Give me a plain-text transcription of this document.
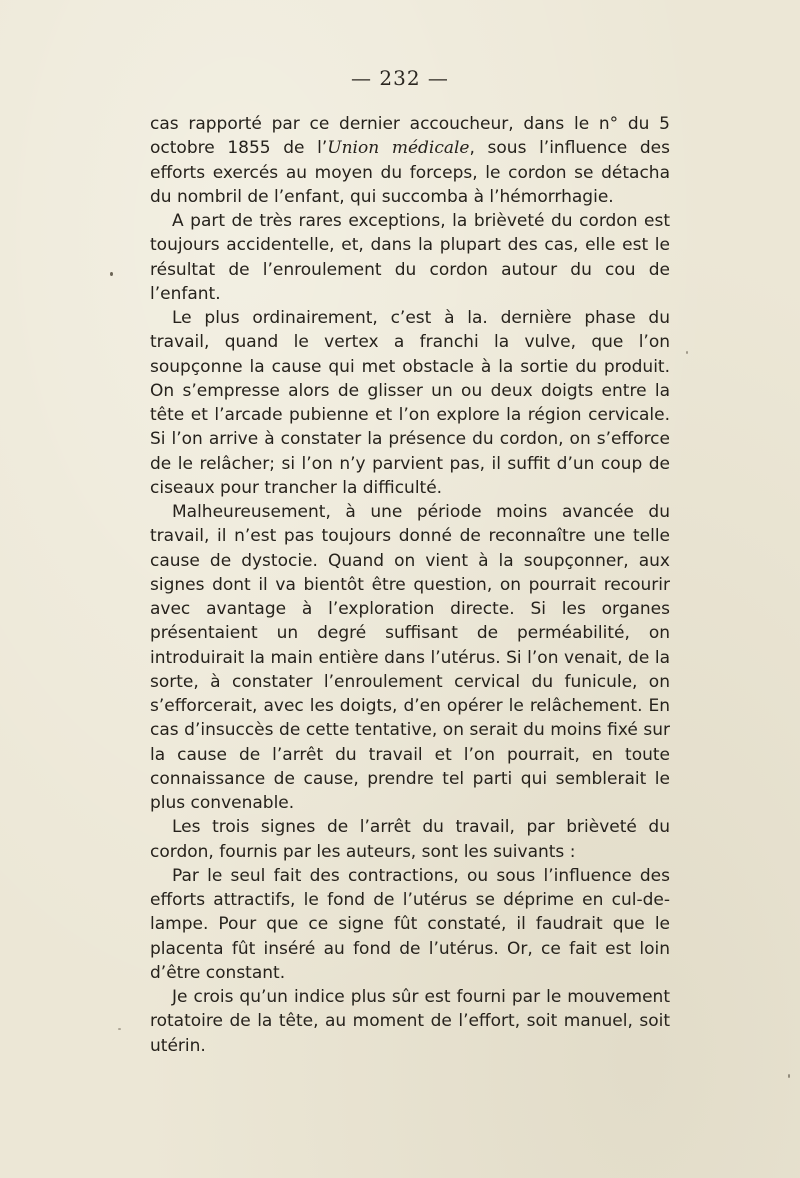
— 232 —

cas rapporté par ce dernier accoucheur, dans le n° du 5 octobre 1855 de l’Union médicale, sous l’influence des efforts exercés au moyen du forceps, le cordon se détacha du nombril de l’enfant, qui succomba à l’hémorrhagie.

A part de très rares exceptions, la brièveté du cordon est toujours accidentelle, et, dans la plupart des cas, elle est le résultat de l’enroulement du cordon autour du cou de l’enfant.

Le plus ordinairement, c’est à la. dernière phase du travail, quand le vertex a franchi la vulve, que l’on soupçonne la cause qui met obstacle à la sortie du produit. On s’empresse alors de glisser un ou deux doigts entre la tête et l’arcade pubienne et l’on explore la région cervicale. Si l’on arrive à constater la présence du cordon, on s’efforce de le relâcher; si l’on n’y parvient pas, il suffit d’un coup de ciseaux pour trancher la difficulté.

Malheureusement, à une période moins avancée du travail, il n’est pas toujours donné de reconnaître une telle cause de dystocie. Quand on vient à la soupçonner, aux signes dont il va bientôt être question, on pourrait recourir avec avantage à l’exploration directe. Si les organes présentaient un degré suffisant de perméabilité, on introduirait la main entière dans l’utérus. Si l’on venait, de la sorte, à constater l’enroulement cervical du funicule, on s’efforcerait, avec les doigts, d’en opérer le relâchement. En cas d’insuccès de cette tentative, on serait du moins fixé sur la cause de l’arrêt du travail et l’on pourrait, en toute connaissance de cause, prendre tel parti qui semblerait le plus convenable.

Les trois signes de l’arrêt du travail, par brièveté du cordon, fournis par les auteurs, sont les suivants :

Par le seul fait des contractions, ou sous l’influence des efforts attractifs, le fond de l’utérus se déprime en cul-de-lampe. Pour que ce signe fût constaté, il faudrait que le placenta fût inséré au fond de l’utérus. Or, ce fait est loin d’être constant.

Je crois qu’un indice plus sûr est fourni par le mouvement rotatoire de la tête, au moment de l’effort, soit manuel, soit utérin.
